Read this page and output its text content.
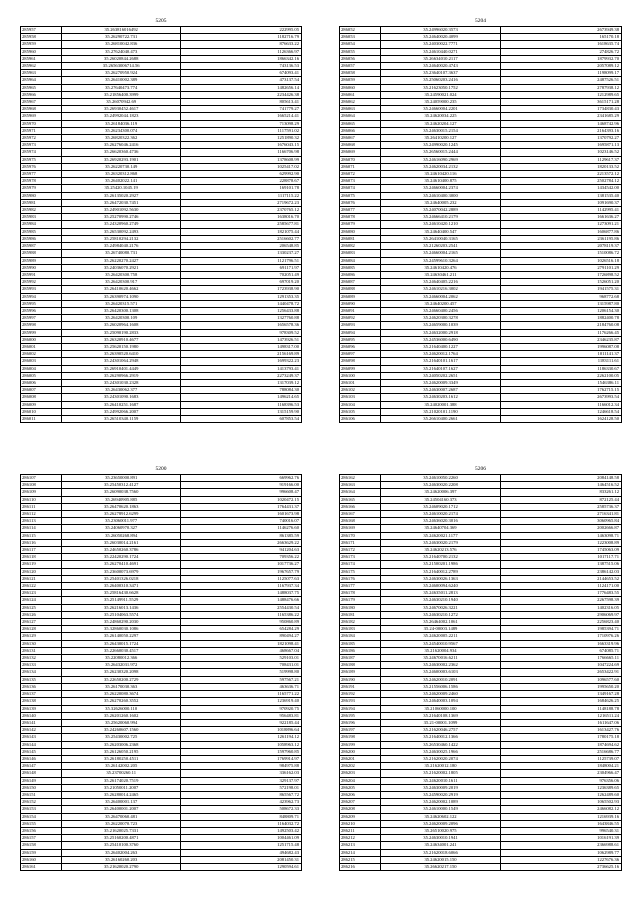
5205
285957	35.263816016492	222995.05
285958	35.26290722.731	1182716.79
285959	35.26810042.836	876633.22
285960	35.27624040.473	1126366.97
285961	35.26020844.2688	1866342.16
285962	35.26563006714.56	743136.53
285963	35.26270950.924	674093.41
285964	35.26410002.389	473137.54
285965	35.27640473.774	1482656.14
285966	35.21856400.3999	2234426.38
285967	35.26070942.69	805613.41
285968	35.26930452.4617	741779.27
285969	35.24992044.1823	1665214.41
285970	35.26184036.119	713098.29
285971	35.26234300.074	1117591.02
285972	35.26820322.362	1251890.32
285973	35.26276046.2416	1676043.15
285974	35.26620360.4736	1166706.98
285975	35.26920293.1901	1378608.99
285976	35.26220730.149	1025417.02
285977	35.26320312.868	629992.90
285978	35.26402022.141	228878.67
285979	35.25420.1045.19	169101.78
285980	35.26135020.2927	1117115.22
285981	35.26472030.7451	2719672.23
285982	35.24901092.5630	2370765.12
285983	35.25270990.2746	1638016.70
285984	35.24320960.2749	2585677.81
285985	35.26530092.2493	1821075.44
285986	35.25810294.2132	2516602.77
285987	35.24984040.2176	206548.85
285988	35.26740080.731	1330237.27
285989	35.26220270.2427	1121796.51
285990	35.24036070.2921	691171.97
285991	35.26420300.758	702051.49
285992	35.26420300.917	697019.20
285993	35.26410620.4662	1723938.90
285994	35.26390974.1090	1291353.35
285995	35.26420315.571	1440478.72
285996	35.26420300.1308	1256433.88
285997	35.26420300.109	1327760.88
285998	35.26020964.1608	1656578.36
285999	35.25090190.2833	978309.52
286000	35.26320910.4677	1473926.51
286001	35.25620150.1980	1498317.00
286002	35.26390520.6410	2156169.89
286003	35.24301064.2948	1699322.23
286004	35.26910401.4449	1413793.41
286005	35.26290966.2919	2273249.37
286006	35.24301030.2328	1317039.12
286007	35.26430062.377	788084.30
286008	35.24301090.1683	1496214.65
286009	35.26410251.1687	1168396.53
286010	35.24992066.2007	1315159.90
286011	35.26510340.1159	607853.54
5204
286052	35.24996020.3573	2673949.38
286053	35.24640020.4099	165170.18
286054	35.24030022.7771	1618635.74
286055	35.24610440.0271	274826.72
286056	35.26634010.2117	1879932.70
286057	35.24640020.4743	2057089.12
286058	35.23640107.3637	1198099.17
286059	35.25060203.2416	2487526.51
286060	35.21623050.1752	2787938.12
286061	35.24590021.024	1212989.65
286062	35.24059000.235	3615171.28
286063	35.24660004.2201	1734830.43
286064	35.24620034.225	2341685.29
286065	35.24620204.127	1468742.96
286066	35.24630015.2154	2164393.16
286067	35.26410200.127	1370792.27
286068	35.24990020.1245	1695871.13
286069	35.26560015.2444	1023146.52
286070	35.24616090.2969	1129617.37
286071	35.24620034.2132	1820133.52
286072	35.24610420.116	2213572.12
286073	35.24610400.875	2502784.12
286074	35.24660004.2374	1434542.00
286075	35.24610400.3000	1381535.40
286076	35.24640005.232	1091690.37
286077	35.24070042.2889	1142995.41
286078	35.24666410.2179	1661636.27
286079	35.24610420.1210	1273091.21
286080	35.24640400.547	1606877.86
286081	35.26410040.3165	2361195.86
286082	35.21260203.2541	2078119.37
286083	35.24660004.2165	1510086.72
286084	35.24599610.3264	1026516.18
286085	35.24610420.476	2791101.29
286086	35.24630461.211	1726898.52
286087	35.24640405.2216	1526051.20
286088	35.24610216.3002	1941575.31
286089	35.24660004.2062	968772.68
286090	35.24640200.457	1315987.80
286091	35.24660400.2456	1206154.30
286092	35.24620300.3278	1882400.78
286093	35.24659000.1039	2184760.08
286094	35.24632000.2918	1176266.45
286095	35.24536000.6490	2346235.87
286096	35.21640400.1227	1996087.08
286097	35.24620012.1764	1011141.37
286098	35.21640101.1617	1183111.61
286099	35.21640107.1627	1186330.67
286100	35.24050202.2651	2262100.05
286101	35.24620009.3349	1546386.11
286102	35.24630007.2687	1762715.15
286103	35.24630203.1612	2673993.54
286104	35.24020001.388	1166012.34
286105	35.21020101.1190	1246618.54
286106	35.26610400.2661	1624128.50
5200
286107	35.23650000.891	669962.76
286108	35.25450312.4127	919166.00
286109	35.26090038.7560	996608.47
286110	35.26940905.885	1020472.15
286111	35.26470620.1863	1764431.37
286112	35.26278912.6299	1601673.98
286113	35.23060011.977	740016.07
286114	35.24060970.327	1146276.60
286115	35.26050268.894	861385.59
286116	35.26030014.2161	2663629.22
286117	35.24650260.3786	941204.63
286118	35.22420290.1724	709356.22
286119	35.26270410.4691	1017736.27
286120	35.23600073.6979	1967657.79
286121	35.25401326.0218	1125077.63
286122	35.26400310.3471	1167937.34
286123	35.25816430.6628	1488037.75
286124	35.25149911.5529	1488476.66
286125	35.26216013.1436	2554430.54
286126	35.25104063.5574	1165386.22
286127	35.24860290.2030	950860.89
286128	35.32860030.1086	654284.29
286129	35.26140050.2297	890494.27
286130	35.26430015.1724	1821098.41
286131	35.22660030.4517	468667.04
286132	35.22080012.366	529103.01
286133	35.26432031.972	708431.01
286134	35.26230320.2098	519998.80
286135	35.22650200.2729	597567.21
286136	35.26170030.363	463636.71
286137	35.26220080.3674	1165771.22
286138	35.26270260.3552	1236919.40
286139	35.32626000.110	970920.75
286140	35.26201260.1602	956483.81
286141	35.25620060.994	922185.44
286142	35.24260607.1560	1018896.64
286143	35.25430002.725	1261194.12
286144	35.26203006.2368	1058963.12
286145	35.26126050.2195	1597960.85
286146	35.26180250.4511	1769914.97
286147	35.26142002.205	984975.88
286148	35.23700260.11	336162.03
286149	35.26174020.7519	329137.97
286150	35.21050011.2007	572198.01
286151	35.26280014.2465	865567.72
286152	35.26400001.137	423962.73
286153	35.26400001.2007	508672.33
286154	35.26470060.481	848809.71
286155	35.26220070.723	1164032.72
286156	35.21620025.7331	1492503.42
286157	35.25160200.4871	1004461.09
286158	35.25410100.3760	1251715.48
286159	35.26402004.263	494682.43
286160	35.26160260.203	2081450.31
286161	35.21620020.2790	1290594.61
5206
286162	35.24610050.2260	2084148.58
286163	35.24630020.2208	1464516.52
286164	35.24620006.397	833261.12
286165	35.24504160.373	872125.44
286166	35.24609020.1712	2585736.37
286167	35.24610020.2174	2716341.81
286168	35.24636020.3016	3060965.84
286169	35.24640704.369	2002666.87
286170	35.24620021.1177	1463098.71
286171	35.24630020.2179	1223008.89
286172	35.24620213.576	1745063.09
286173	35.21640700.2132	1017117.71
286174	35.21500201.1986	1387515.06
286175	35.21640012.2789	2386142.03
286176	35.24630026.1363	2144653.52
286177	35.24600094.6240	1124171.00
286178	35.24635011.2813	1776483.55
286179	35.24630210.1940	2267598.39
286180	35.24670026.3221	1402316.05
286181	35.24630210.1272	2906069.97
286182	35.26464002.1061	2256823.40
286183	35.24-00003.1489	1985394.71
286184	35.24620005.2211	1710976.26
286185	35.24540010.9567	1663319.96
286186	35.21620004.934	674085.71
286187	35.24670016.6211	1766665.11
286188	35.24630002.2362	1047224.69
286189	35.24600003.6103	2653422.91
286190	35.24620010.2091	1096577.60
286191	35.21556006.1586	1995650.20
286192	35.24620009.2460	1349167.28
286193	35.24640003.1094	1684626.25
286194	35.21060000.100	1148188.78
286195	35.21640108.1369	1216511.24
286196	35.21-00001.1099	1611647.06
286197	35.21620046.2757	1613427.76
286198	35.21640012.1366	1780175.18
286199	35.26530460.1422	1874694.62
286200	35.24630025.1966	2516686.77
286201	35.21620020.2074	1125739.07
286202	35.21620012.180	1848004.21
286203	35.21620002.1805	2304966.47
286204	35.24620010.1611	976356.06
286205	35.24630009.2019	1236389.65
286206	35.24590020.2919	1262489.60
286207	35.24620002.1089	1065502.93
286208	35.24610000.1549	2466082.12
286209	35.24620602.122	1216939.16
286210	35.24620009.2096	1643846.55
286211	35.26510020.975	996540.31
286212	35.24630010.1941	1016191.39
286213	35.24634001.241	2366988.61
286214	35.21620018.6066	1062989.77
286215	35.24620015.150	1227676.36
286216	35.26620217.150	2736625.16
